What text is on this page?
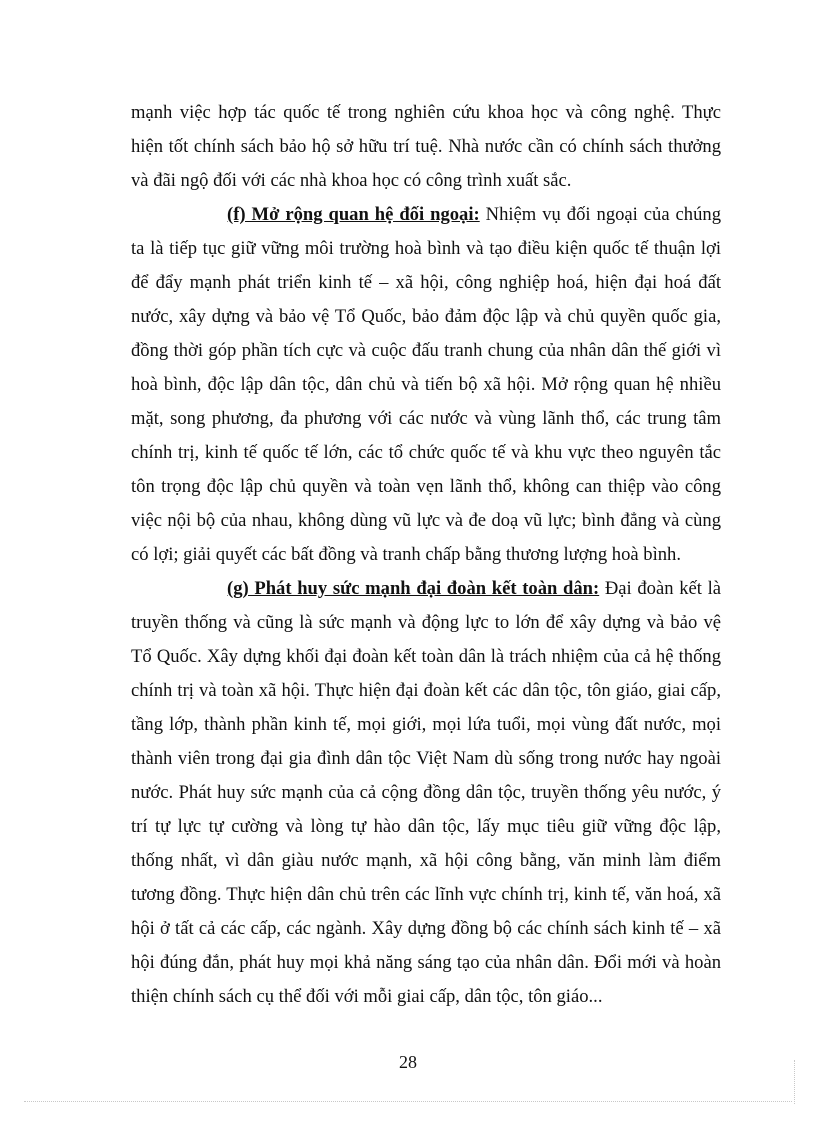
mạnh việc hợp tác quốc tế trong nghiên cứu khoa học và công nghệ. Thực
hiện tốt chính sách bảo hộ sở hữu trí tuệ. Nhà nước cần có chính sách thưởng
và đãi ngộ đối với các nhà khoa học có công trình xuất sắc.
(f) Mở rộng quan hệ đối ngoại: Nhiệm vụ đối ngoại của chúng
ta là tiếp tục giữ vững môi trường hoà bình và tạo điều kiện quốc tế thuận lợi
để đẩy mạnh phát triển kinh tế – xã hội, công nghiệp hoá, hiện đại hoá đất
nước, xây dựng và bảo vệ Tổ Quốc, bảo đảm độc lập và chủ quyền quốc gia,
đồng thời góp phần tích cực và cuộc đấu tranh chung của nhân dân thế giới vì
hoà bình, độc lập dân tộc, dân chủ và tiến bộ xã hội. Mở rộng quan hệ nhiều
mặt, song phương, đa phương với các nước và vùng lãnh thổ, các trung tâm
chính trị, kinh tế quốc tế lớn, các tổ chức quốc tế và khu vực theo nguyên tắc
tôn trọng độc lập chủ quyền và toàn vẹn lãnh thổ, không can thiệp vào công
việc nội bộ của nhau, không dùng vũ lực và đe doạ vũ lực; bình đẳng và cùng
có lợi; giải quyết các bất đồng và tranh chấp bằng thương lượng hoà bình.
(g) Phát huy sức mạnh đại đoàn kết toàn dân: Đại đoàn kết là
truyền thống và cũng là sức mạnh và động lực to lớn để xây dựng và bảo vệ
Tổ Quốc. Xây dựng khối đại đoàn kết toàn dân là trách nhiệm của cả hệ thống
chính trị và toàn xã hội. Thực hiện đại đoàn kết các dân tộc, tôn giáo, giai cấp,
tầng lớp, thành phần kinh tế, mọi giới, mọi lứa tuổi, mọi vùng đất nước, mọi
thành viên trong đại gia đình dân tộc Việt Nam dù sống trong nước hay ngoài
nước. Phát huy sức mạnh của cả cộng đồng dân tộc, truyền thống yêu nước, ý
trí tự lực tự cường và lòng tự hào dân tộc, lấy mục tiêu giữ vững độc lập,
thống nhất, vì dân giàu nước mạnh, xã hội công bằng, văn minh làm điểm
tương đồng. Thực hiện dân chủ trên các lĩnh vực chính trị, kinh tế, văn hoá, xã
hội ở tất cả các cấp, các ngành. Xây dựng đồng bộ các chính sách kinh tế – xã
hội đúng đắn, phát huy mọi khả năng sáng tạo của nhân dân. Đổi mới và hoàn
thiện chính sách cụ thể đối với mỗi giai cấp, dân tộc, tôn giáo...
28
